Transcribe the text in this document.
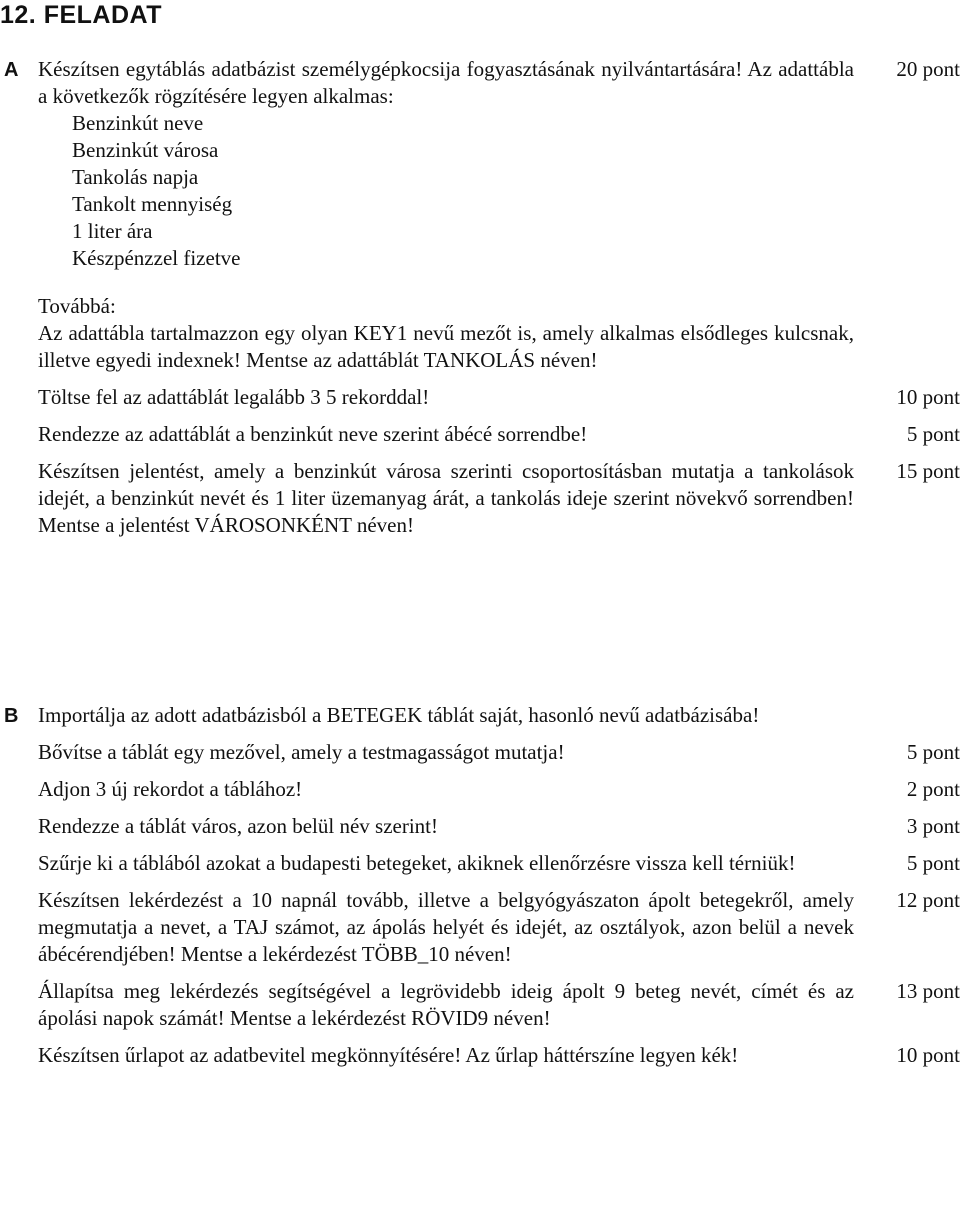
12. FELADAT
A Készítsen egytáblás adatbázist személygépkocsija fogyasztásának nyilvántartására! Az adattábla a következők rögzítésére legyen alkalmas:
20 pont
Benzinkút neve
Benzinkút városa
Tankolás napja
Tankolt mennyiség
1 liter ára
Készpénzzel fizetve
Továbbá:
Az adattábla tartalmazzon egy olyan KEY1 nevű mezőt is, amely alkalmas elsődleges kulcsnak, illetve egyedi indexnek! Mentse az adattáblát TANKOLÁS néven!
Töltse fel az adattáblát legalább 3 5 rekorddal!	10 pont
Rendezze az adattáblát a benzinkút neve szerint ábécé sorrendbe!	5 pont
Készítsen jelentést, amely a benzinkút városa szerinti csoportosításban mutatja a tankolások idejét, a benzinkút nevét és 1 liter üzemanyag árát, a tankolás ideje szerint növekvő sorrendben! Mentse a jelentést VÁROSONKÉNT néven!
15 pont
B Importálja az adott adatbázisból a BETEGEK táblát saját, hasonló nevű adatbázisába!
Bővítse a táblát egy mezővel, amely a testmagasságot mutatja!	5 pont
Adjon 3 új rekordot a táblához!	2 pont
Rendezze a táblát város, azon belül név szerint!	3 pont
Szűrje ki a táblából azokat a budapesti betegeket, akiknek ellenőrzésre vissza kell térniük!	5 pont
Készítsen lekérdezést a 10 napnál tovább, illetve a belgyógyászaton ápolt betegekről, amely megmutatja a nevet, a TAJ számot, az ápolás helyét és idejét, az osztályok, azon belül a nevek ábécérendjében! Mentse a lekérdezést TÖBB_10 néven!
12 pont
Állapítsa meg lekérdezés segítségével a legrövidebb ideig ápolt 9 beteg nevét, címét és az ápolási napok számát! Mentse a lekérdezést RÖVID9 néven!
13 pont
Készítsen űrlapot az adatbevitel megkönnyítésére! Az űrlap háttérszíne legyen kék!	10 pont
